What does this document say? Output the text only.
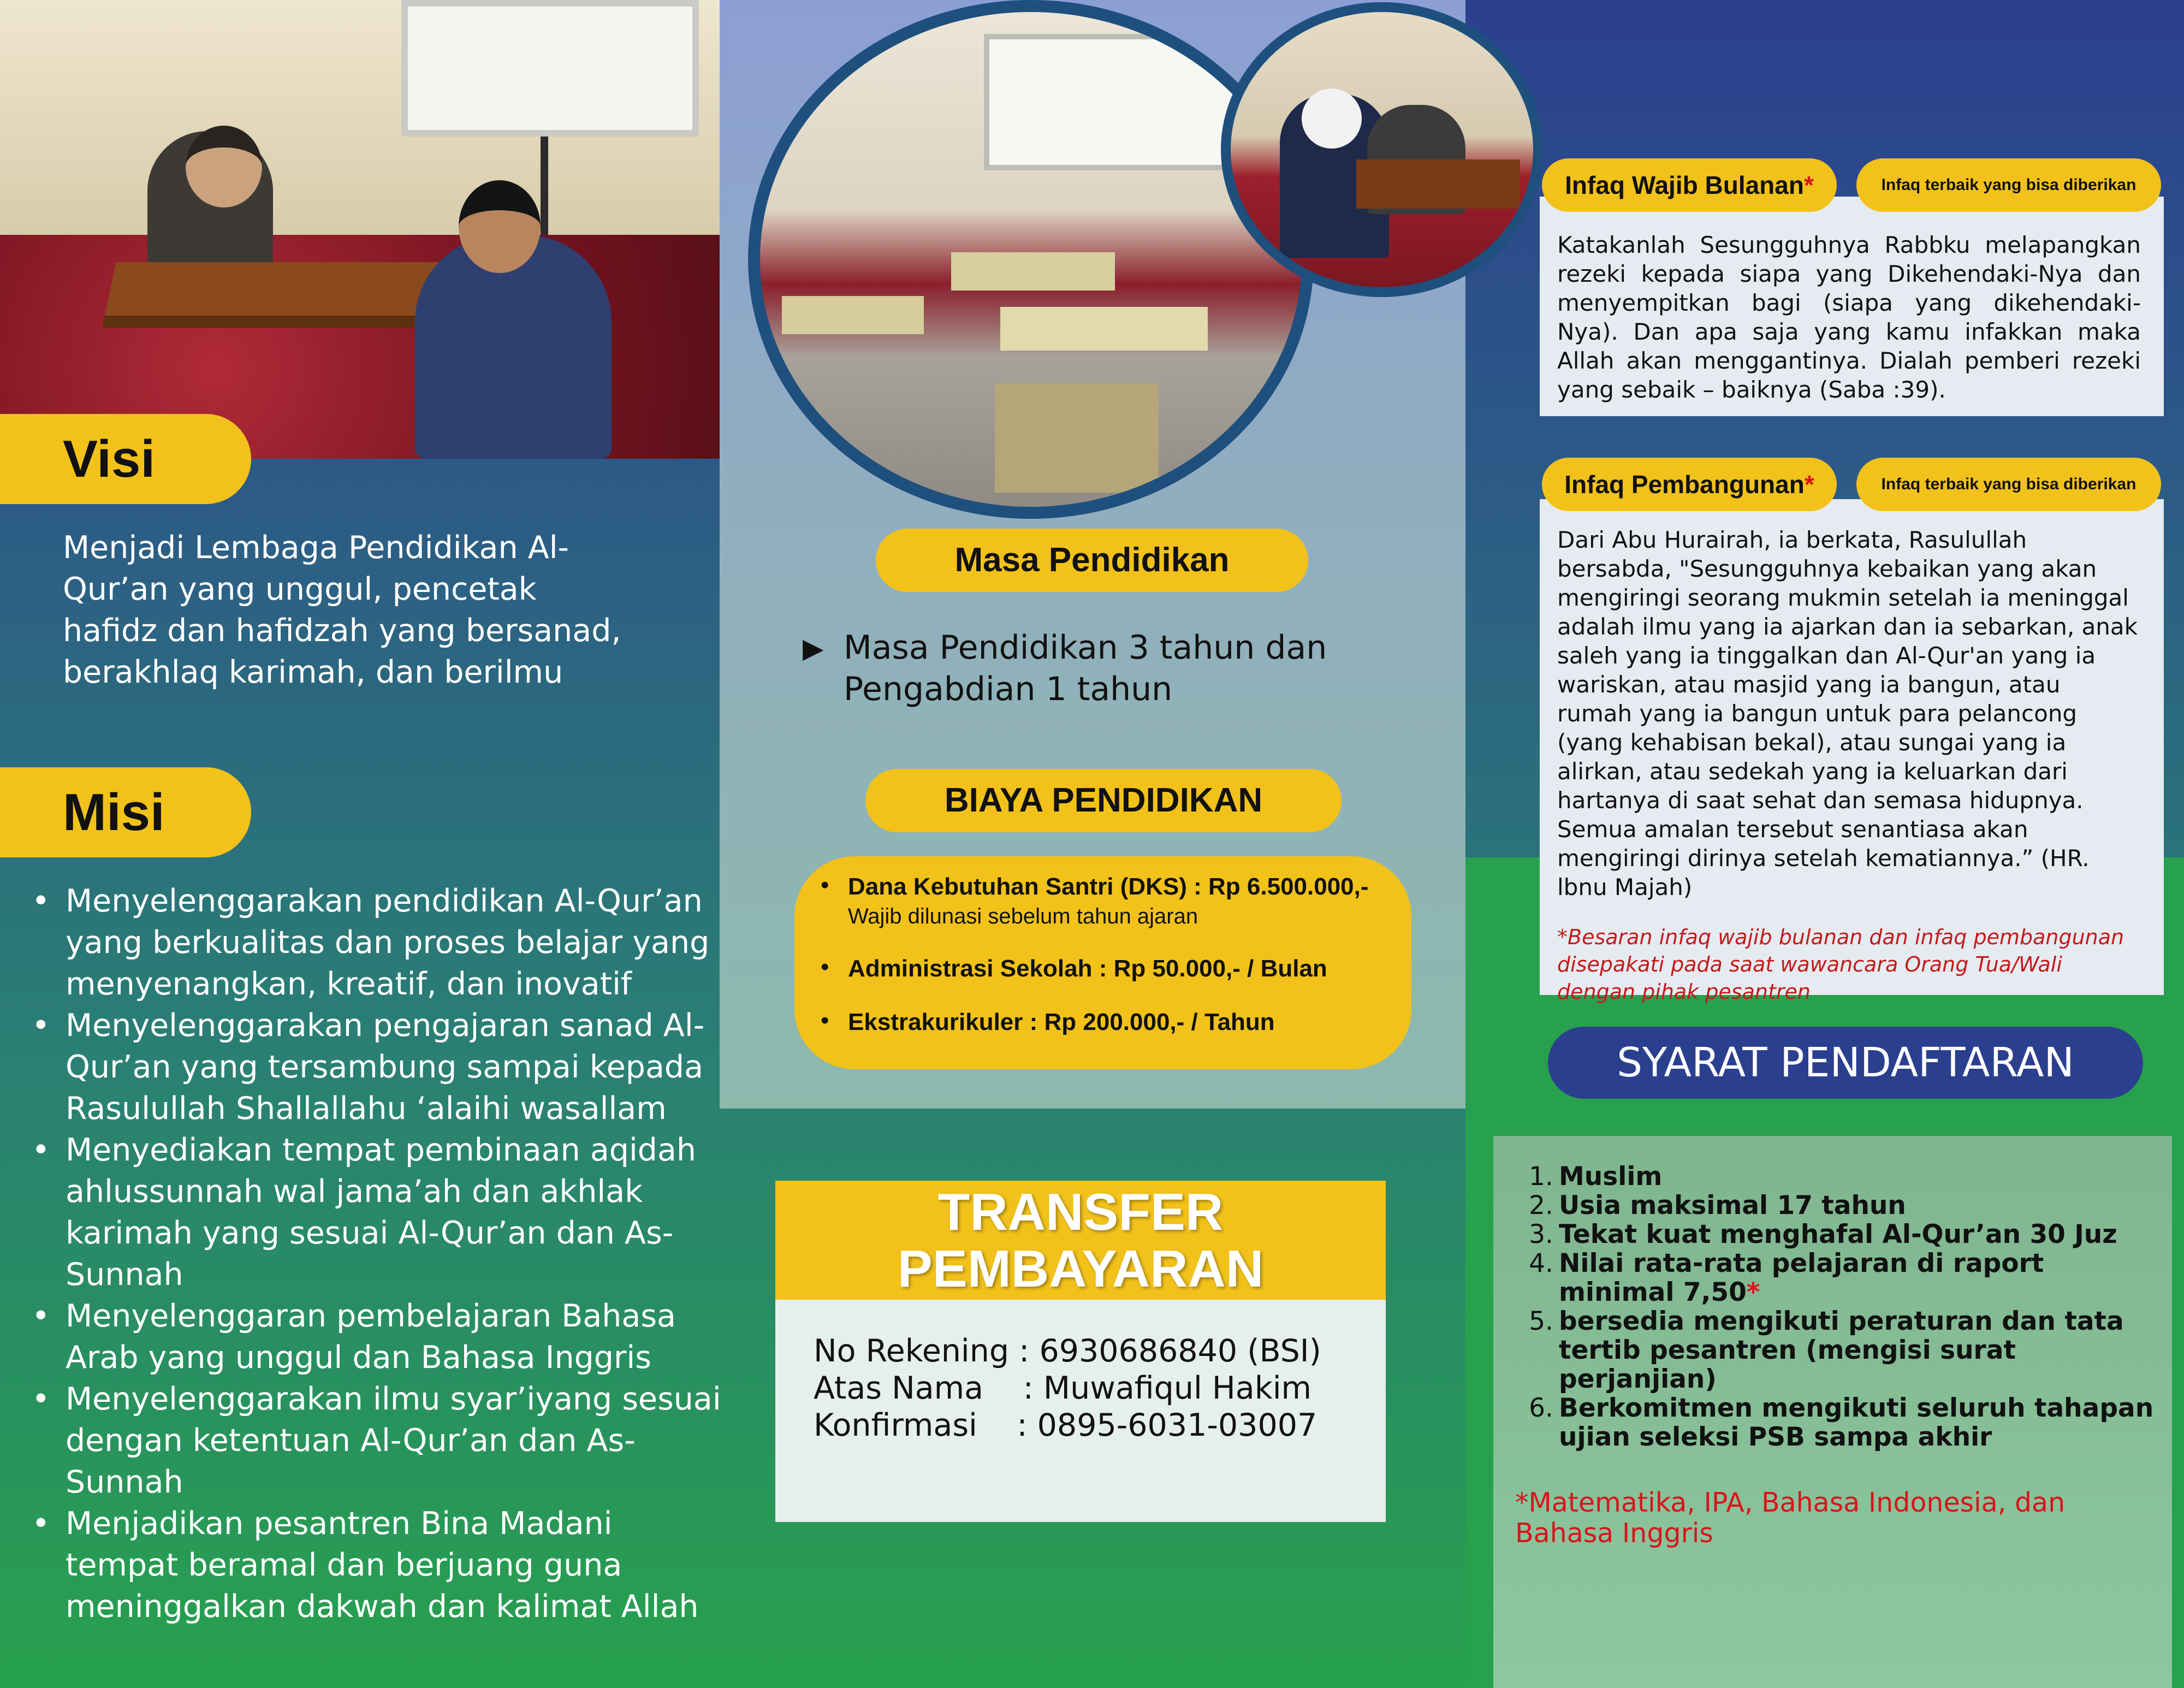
Visi
Menjadi Lembaga Pendidikan Al-Qur’an yang unggul, pencetak hafidz dan hafidzah yang bersanad, berakhlaq karimah, dan berilmu
Misi
• Menyelenggarakan pendidikan Al-Qur’an yang berkualitas dan proses belajar yang menyenangkan, kreatif, dan inovatif
• Menyelenggarakan pengajaran sanad Al-Qur’an yang tersambung sampai kepada Rasulullah Shallallahu ‘alaihi wasallam
• Menyediakan tempat pembinaan aqidah ahlussunnah wal jama’ah dan akhlak karimah yang sesuai Al-Qur’an dan As-Sunnah
• Menyelenggaran pembelajaran Bahasa Arab yang unggul dan Bahasa Inggris
• Menyelenggarakan ilmu syar’iyang sesuai dengan ketentuan Al-Qur’an dan As-Sunnah
• Menjadikan pesantren Bina Madani tempat beramal dan berjuang guna meninggalkan dakwah dan kalimat Allah
Masa Pendidikan
▶ Masa Pendidikan 3 tahun dan Pengabdian 1 tahun
BIAYA PENDIDIKAN
• Dana Kebutuhan Santri (DKS) : Rp 6.500.000,-
Wajib dilunasi sebelum tahun ajaran
• Administrasi Sekolah : Rp 50.000,- / Bulan
• Ekstrakurikuler : Rp 200.000,- / Tahun
TRANSFER
PEMBAYARAN
No Rekening : 6930686840 (BSI)
Atas Nama    : Muwafiqul Hakim
Konfirmasi    : 0895-6031-03007
Katakanlah Sesungguhnya Rabbku melapangkan rezeki kepada siapa yang Dikehendaki-Nya dan menyempitkan bagi (siapa yang dikehendaki-Nya). Dan apa saja yang kamu infakkan maka Allah akan menggantinya. Dialah pemberi rezeki yang sebaik – baiknya (Saba :39).
Infaq Wajib Bulanan*	Infaq terbaik yang bisa diberikan
Dari Abu Hurairah, ia berkata, Rasulullah bersabda, "Sesungguhnya kebaikan yang akan mengiringi seorang mukmin setelah ia meninggal adalah ilmu yang ia ajarkan dan ia sebarkan, anak saleh yang ia tinggalkan dan Al-Qur'an yang ia wariskan, atau masjid yang ia bangun, atau rumah yang ia bangun untuk para pelancong (yang kehabisan bekal), atau sungai yang ia alirkan, atau sedekah yang ia keluarkan dari hartanya di saat sehat dan semasa hidupnya. Semua amalan tersebut senantiasa akan mengiringi dirinya setelah kematiannya.” (HR. lbnu Majah)
*Besaran infaq wajib bulanan dan infaq pembangunan disepakati pada saat wawancara Orang Tua/Wali dengan pihak pesantren
Infaq Pembangunan*	Infaq terbaik yang bisa diberikan
SYARAT PENDAFTARAN
1. Muslim
2. Usia maksimal 17 tahun
3. Tekat kuat menghafal Al-Qur’an 30 Juz
4. Nilai rata-rata pelajaran di raport minimal 7,50*
5. bersedia mengikuti peraturan dan tata tertib pesantren (mengisi surat perjanjian)
6. Berkomitmen mengikuti seluruh tahapan ujian seleksi PSB sampa akhir
*Matematika, IPA, Bahasa Indonesia, dan Bahasa Inggris
